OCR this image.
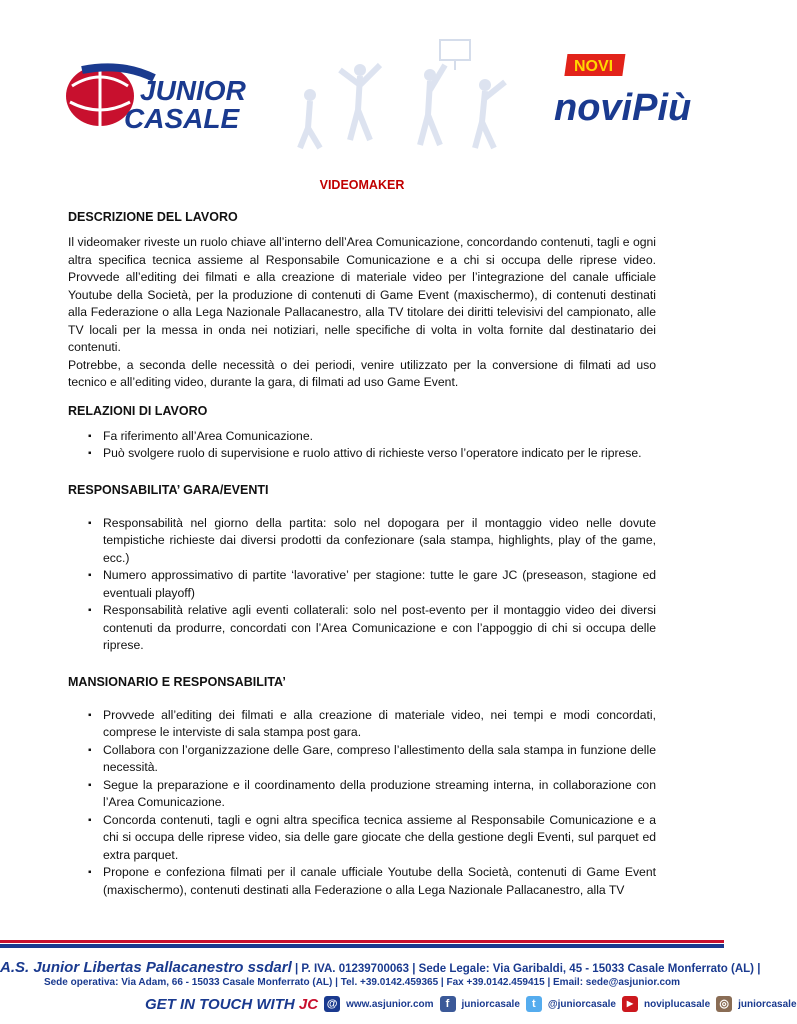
JUNIOR
CASALE
NOVI
noviPiù
VIDEOMAKER
DESCRIZIONE DEL LAVORO

Il videomaker riveste un ruolo chiave all’interno dell’Area Comunicazione, concordando contenuti, tagli e ogni altra specifica tecnica assieme al Responsabile Comunicazione e a chi si occupa delle riprese video. Provvede all’editing dei filmati e alla creazione di materiale video per l’integrazione del canale ufficiale Youtube della Società, per la produzione di contenuti di Game Event (maxischermo), di contenuti destinati alla Federazione o alla Lega Nazionale Pallacanestro, alla TV titolare dei diritti televisivi del campionato, alle TV locali per la messa in onda nei notiziari, nelle specifiche di volta in volta fornite dal destinatario dei contenuti.

Potrebbe, a seconda delle necessità o dei periodi, venire utilizzato per la conversione di filmati ad uso tecnico e all’editing video, durante la gara, di filmati ad uso Game Event.

RELAZIONI DI LAVORO
▪ Fa riferimento all’Area Comunicazione.
▪ Può svolgere ruolo di supervisione e ruolo attivo di richieste verso l’operatore indicato per le riprese.
RESPONSABILITA’ GARA/EVENTI
▪ Responsabilità nel giorno della partita: solo nel dopogara per il montaggio video nelle dovute tempistiche richieste dai diversi prodotti da confezionare (sala stampa, highlights, play of the game, ecc.)
▪ Numero approssimativo di partite ‘lavorative’ per stagione: tutte le gare JC (preseason, stagione ed eventuali playoff)
▪ Responsabilità relative agli eventi collaterali: solo nel post-evento per il montaggio video dei diversi contenuti da produrre, concordati con l’Area Comunicazione e con l’appoggio di chi si occupa delle riprese.
MANSIONARIO E RESPONSABILITA’
▪ Provvede all’editing dei filmati e alla creazione di materiale video, nei tempi e modi concordati, comprese le interviste di sala stampa post gara.
▪ Collabora con l’organizzazione delle Gare, compreso l’allestimento della sala stampa in funzione delle necessità.
▪ Segue la preparazione e il coordinamento della produzione streaming interna, in collaborazione con l’Area Comunicazione.
▪ Concorda contenuti, tagli e ogni altra specifica tecnica assieme al Responsabile Comunicazione e a chi si occupa delle riprese video, sia delle gare giocate che della gestione degli Eventi, sul parquet ed extra parquet.
▪ Propone e confeziona filmati per il canale ufficiale Youtube della Società, contenuti di Game Event (maxischermo), contenuti destinati alla Federazione o alla Lega Nazionale Pallacanestro, alla TV
A.S. Junior Libertas Pallacanestro ssdarl | P. IVA. 01239700063 | Sede Legale: Via Garibaldi, 45 - 15033 Casale Monferrato (AL) |
Sede operativa: Via Adam, 66 - 15033 Casale Monferrato (AL) | Tel. +39.0142.459365 | Fax +39.0142.459415 | Email: sede@asjunior.com
GET IN TOUCH WITH JC @ www.asjunior.com	f	juniorcasale	t	@juniorcasale	▶	noviplucasale ◎ juniorcasale
